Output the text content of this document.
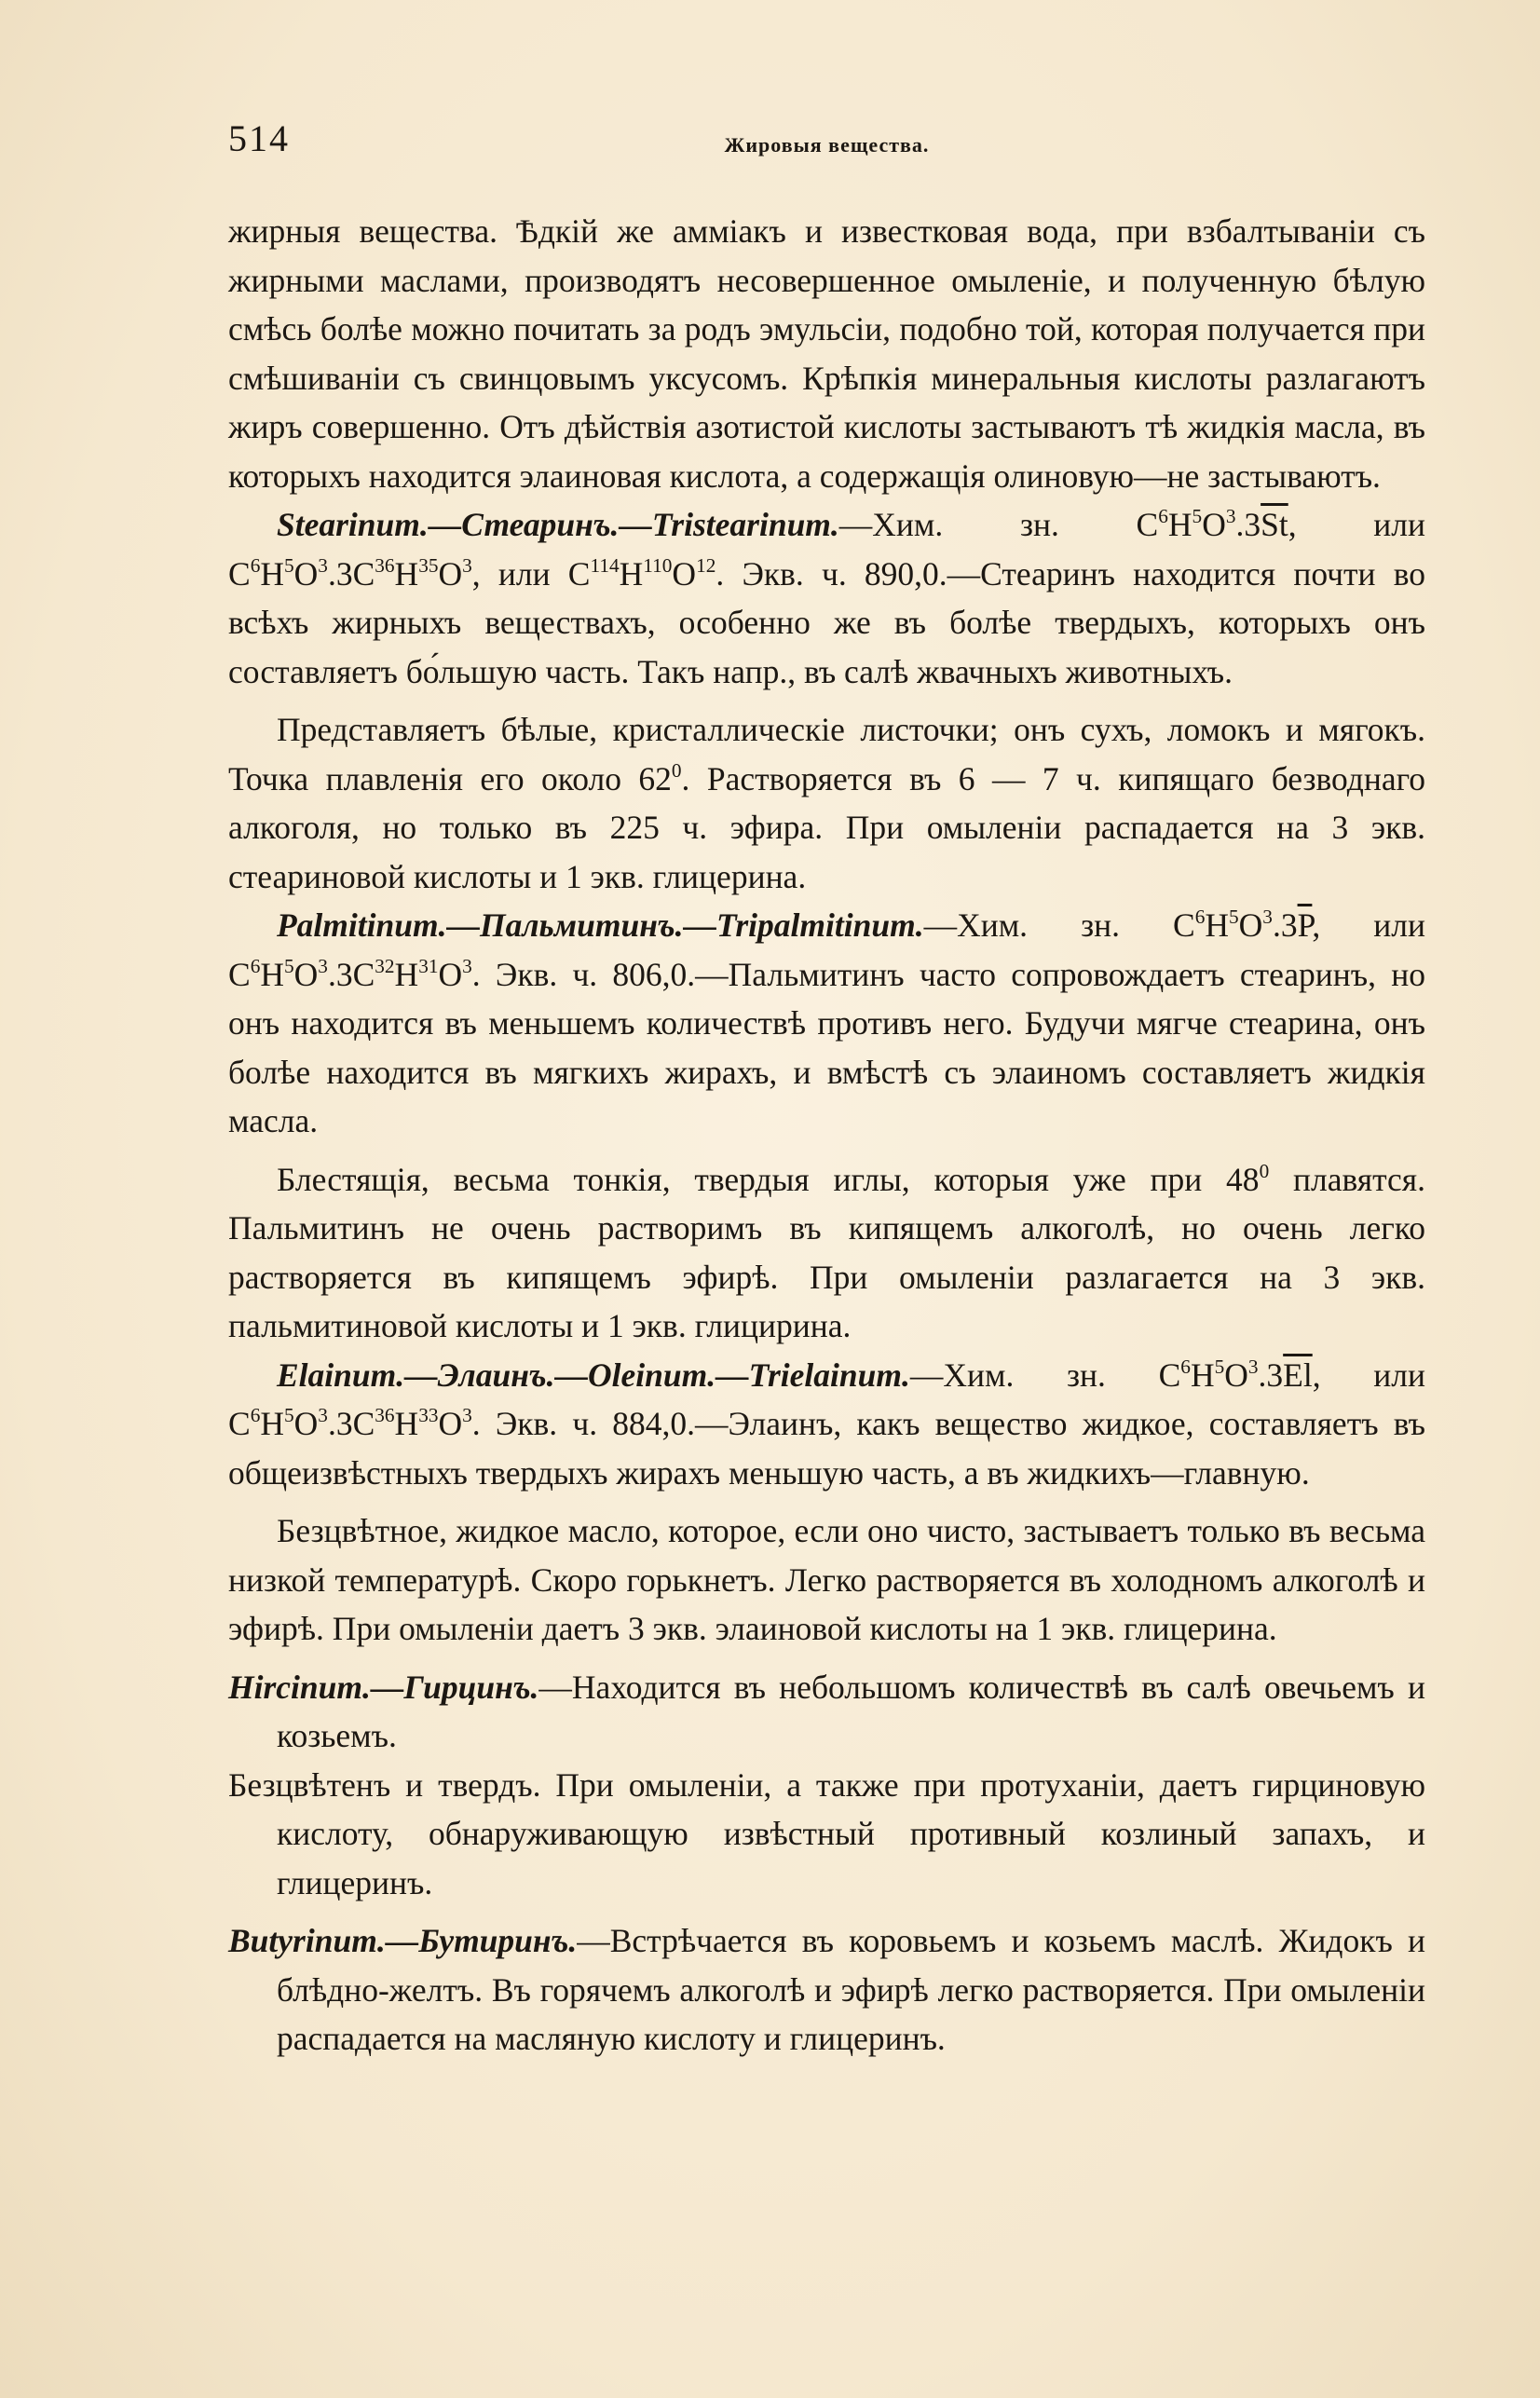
514	Жировыя вещества.

жирныя вещества. Ѣдкій же амміакъ и известковая вода, при взбалтываніи съ жирными маслами, производятъ несовершенное омыленіе, и полученную бѣлую смѣсь болѣе можно почитать за родъ эмульсіи, подобно той, которая получается при смѣшиваніи съ свинцовымъ уксусомъ. Крѣпкія минеральныя кислоты разлагаютъ жиръ совершенно. Отъ дѣйствія азотистой кислоты застываютъ тѣ жидкія масла, въ которыхъ находится элаиновая кислота, а содержащія олиновую—не застываютъ.

Stearinum.—Стеаринъ.—Tristearinum.—Хим. зн. $C^6H^5O^3.3\overline{St}$, или $C^6H^5O^3.3C^{36}H^{35}O^3$, или $C^{114}H^{110}O^{12}$. Экв. ч. 890,0.—Стеаринъ находится почти во всѣхъ жирныхъ веществахъ, особенно же въ болѣе твердыхъ, которыхъ онъ составляетъ бо́льшую часть. Такъ напр., въ салѣ жвачныхъ животныхъ.

Представляетъ бѣлые, кристаллическіе листочки; онъ сухъ, ломокъ и мягокъ. Точка плавленія его около $62^0$. Растворяется въ 6 — 7 ч. кипящаго безводнаго алкоголя, но только въ 225 ч. эфира. При омыленіи распадается на 3 экв. стеариновой кислоты и 1 экв. глицерина.

Palmitinum.—Пальмитинъ.—Tripalmitinum.—Хим. зн. $C^6H^5O^3.3\overline{P}$, или $C^6H^5O^3.3C^{32}H^{31}O^3$. Экв. ч. 806,0.—Пальмитинъ часто сопровождаетъ стеаринъ, но онъ находится въ меньшемъ количествѣ противъ него. Будучи мягче стеарина, онъ болѣе находится въ мягкихъ жирахъ, и вмѣстѣ съ элаиномъ составляетъ жидкія масла.

Блестящія, весьма тонкія, твердыя иглы, которыя уже при $48^0$ плавятся. Пальмитинъ не очень растворимъ въ кипящемъ алкоголѣ, но очень легко растворяется въ кипящемъ эфирѣ. При омыленіи разлагается на 3 экв. пальмитиновой кислоты и 1 экв. глицирина.

Elainum.—Элаинъ.—Oleinum.—Trielainum.—Хим. зн. $C^6H^5O^3.3\overline{El}$, или $C^6H^5O^3.3C^{36}H^{33}O^3$. Экв. ч. 884,0.—Элаинъ, какъ вещество жидкое, составляетъ въ общеизвѣстныхъ твердыхъ жирахъ меньшую часть, а въ жидкихъ—главную.

Безцвѣтное, жидкое масло, которое, если оно чисто, застываетъ только въ весьма низкой температурѣ. Скоро горькнетъ. Легко растворяется въ холодномъ алкоголѣ и эфирѣ. При омыленіи даетъ 3 экв. элаиновой кислоты на 1 экв. глицерина.

Hircinum.—Гирцинъ.—Находится въ небольшомъ количествѣ въ салѣ овечьемъ и козьемъ.

Безцвѣтенъ и твердъ. При омыленіи, а также при протуханіи, даетъ гирциновую кислоту, обнаруживающую извѣстный противный козлиный запахъ, и глицеринъ.

Butyrinum.—Бутиринъ.—Встрѣчается въ коровьемъ и козьемъ маслѣ. Жидокъ и блѣдно-желтъ. Въ горячемъ алкоголѣ и эфирѣ легко растворяется. При омыленіи распадается на масляную кислоту и глицеринъ.
